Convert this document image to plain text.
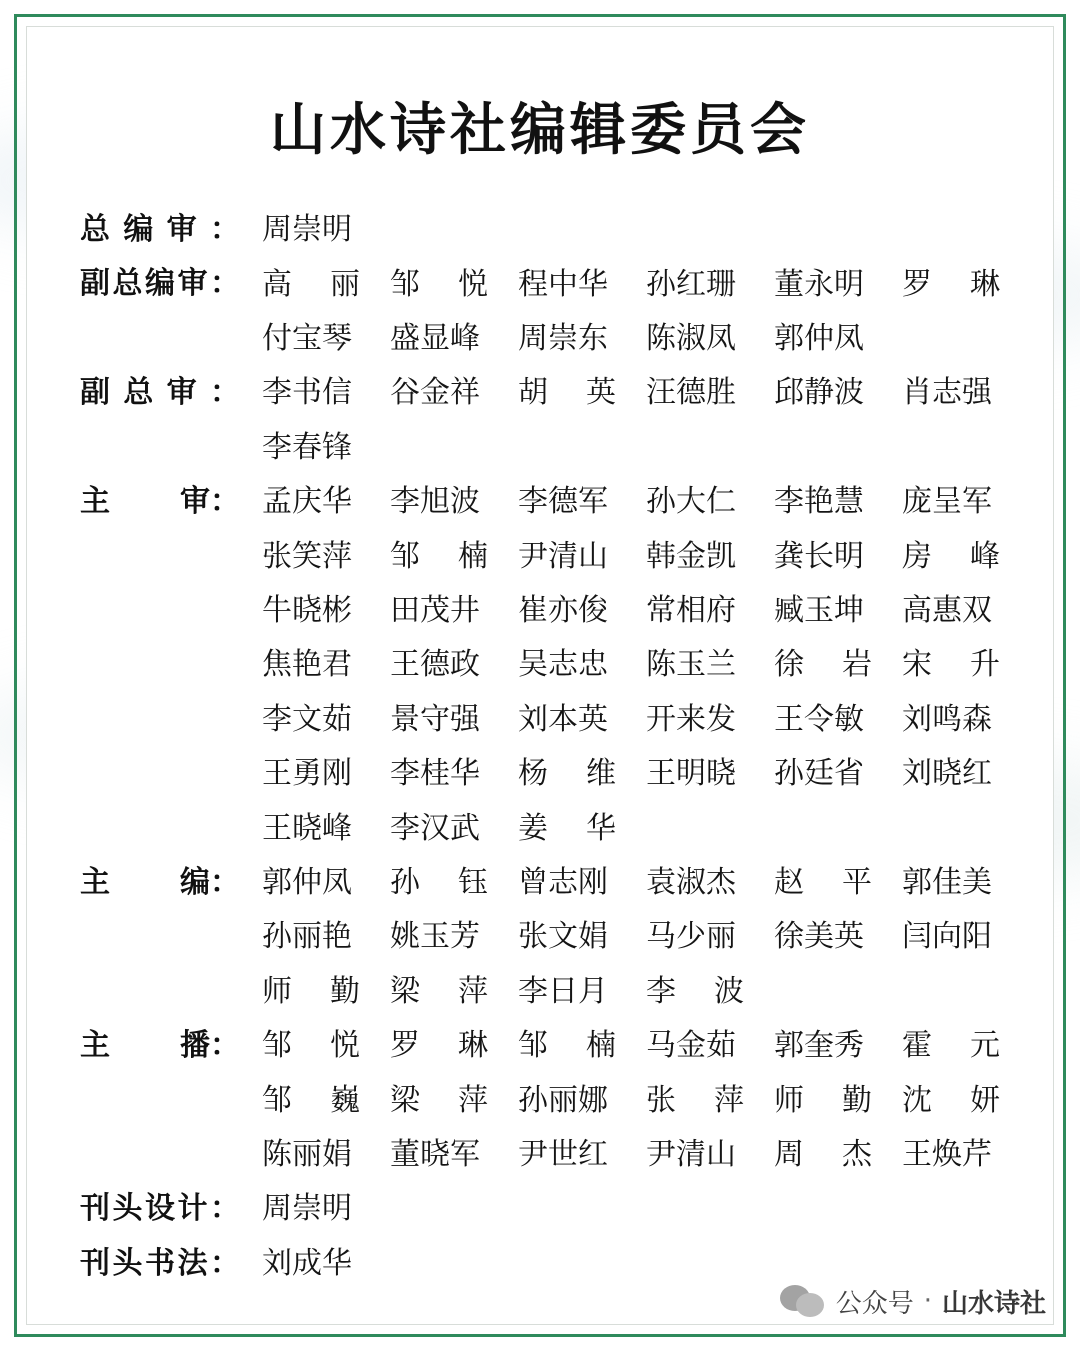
山水诗社编辑委员会
总 编 审 ： 周崇明
副 总 编 审 ： 高 丽 邹 悦 程中华 孙红珊 董永明 罗 琳
付宝琴 盛显峰 周崇东 陈淑凤 郭仲凤
副 总 审 ： 李书信 谷金祥 胡 英 汪德胜 邱静波 肖志强
李春锋
主 审： 孟庆华 李旭波 李德军 孙大仁 李艳慧 庞呈军
张笑萍 邹 楠 尹清山 韩金凯 龚长明 房 峰
牛晓彬 田茂井 崔亦俊 常相府 臧玉坤 高惠双
焦艳君 王德政 吴志忠 陈玉兰 徐 岩 宋 升
李文茹 景守强 刘本英 开来发 王令敏 刘鸣森
王勇刚 李桂华 杨 维 王明晓 孙廷省 刘晓红
王晓峰 李汉武 姜 华
主 编： 郭仲凤 孙 钰 曾志刚 袁淑杰 赵 平 郭佳美
孙丽艳 姚玉芳 张文娟 马少丽 徐美英 闫向阳
师 勤 梁 萍 李日月 李 波
主 播： 邹 悦 罗 琳 邹 楠 马金茹 郭奎秀 霍 元
邹 巍 梁 萍 孙丽娜 张 萍 师 勤 沈 妍
陈丽娟 董晓军 尹世红 尹清山 周 杰 王焕芹
刊 头 设 计 ： 周崇明
刊 头 书 法 ： 刘成华
公众号 · 山水诗社
